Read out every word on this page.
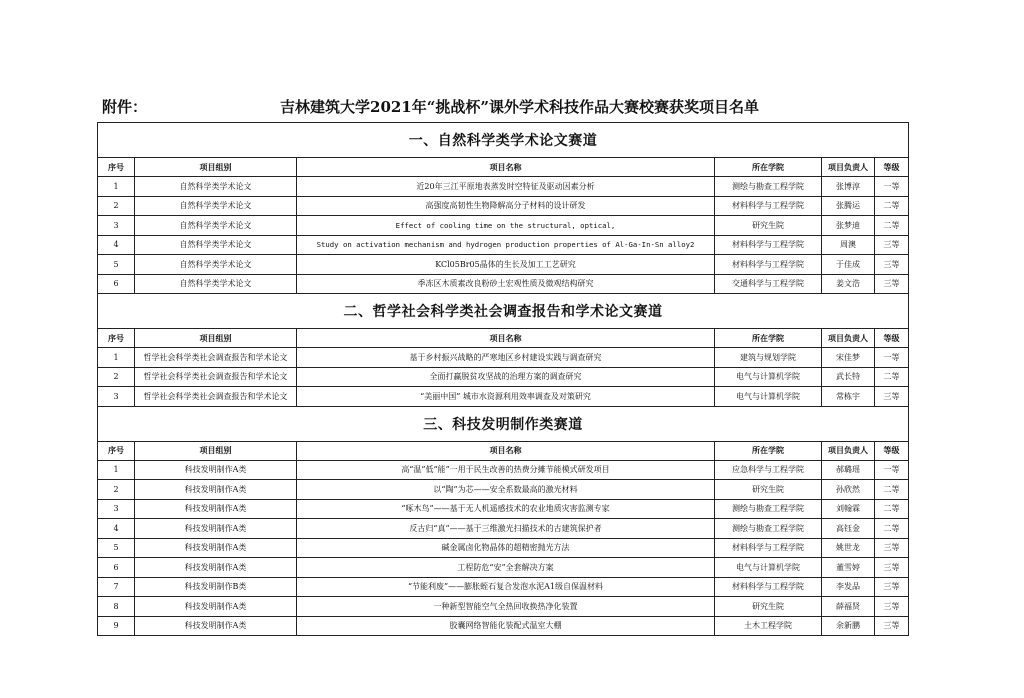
附件：	吉林建筑大学2021年“挑战杯”课外学术科技作品大赛校赛获奖项目名单
一、自然科学类学术论文赛道					
序号	项目组别	项目名称	所在学院	项目负责人	等级
1	自然科学类学术论文	近20年三江平原地表蒸发时空特征及驱动因素分析	测绘与勘查工程学院	张博淳	一等
2	自然科学类学术论文	高强度高韧性生物降解高分子材料的设计研发	材料科学与工程学院	张腾运	二等
3	自然科学类学术论文	Effect of cooling time on the structural, optical,	研究生院	张梦迪	二等
4	自然科学类学术论文	Study on activation mechanism and hydrogen production properties of Al-Ga-In-Sn alloy2	材料科学与工程学院	周澳	三等
5	自然科学类学术论文	KCl05Br05晶体的生长及加工工艺研究	材料科学与工程学院	于佳成	三等
6	自然科学类学术论文	季冻区木质素改良粉砂土宏观性质及微观结构研究	交通科学与工程学院	姜文浩	三等
二、哲学社会科学类社会调查报告和学术论文赛道					
序号	项目组别	项目名称	所在学院	项目负责人	等级
1	哲学社会科学类社会调查报告和学术论文	基于乡村振兴战略的严寒地区乡村建设实践与调查研究	建筑与规划学院	宋佳梦	一等
2	哲学社会科学类社会调查报告和学术论文	全面打赢脱贫攻坚战的治理方案的调查研究	电气与计算机学院	武长特	二等
3	哲学社会科学类社会调查报告和学术论文	“美丽中国” 城市水资源利用效率调查及对策研究	电气与计算机学院	常栋宇	三等
三、科技发明制作类赛道					
序号	项目组别	项目名称	所在学院	项目负责人	等级
1	科技发明制作A类	高“温”低“能”一用于民生改善的热费分摊节能模式研发项目	应急科学与工程学院	郝璐瑶	一等
2	科技发明制作A类	以“陶”为芯——安全系数最高的激光材料	研究生院	孙欣然	二等
3	科技发明制作A类	“啄木鸟”——基于无人机遥感技术的农业地质灾害监测专家	测绘与勘查工程学院	刘翰霖	二等
4	科技发明制作A类	反古归“真”——基于三维激光扫描技术的古建筑保护者	测绘与勘查工程学院	高钰金	二等
5	科技发明制作A类	碱金属卤化物晶体的超精密抛光方法	材料科学与工程学院	姚世龙	三等
6	科技发明制作A类	工程防危“安”全套解决方案	电气与计算机学院	董雪婷	三等
7	科技发明制作B类	“节能利废”——膨胀蛭石复合发泡水泥A1级自保温材料	材料科学与工程学院	李发品	三等
8	科技发明制作A类	一种新型智能空气全热回收换热净化装置	研究生院	薛福贤	三等
9	科技发明制作A类	胶囊网络智能化装配式温室大棚	土木工程学院	余新鹏	三等
